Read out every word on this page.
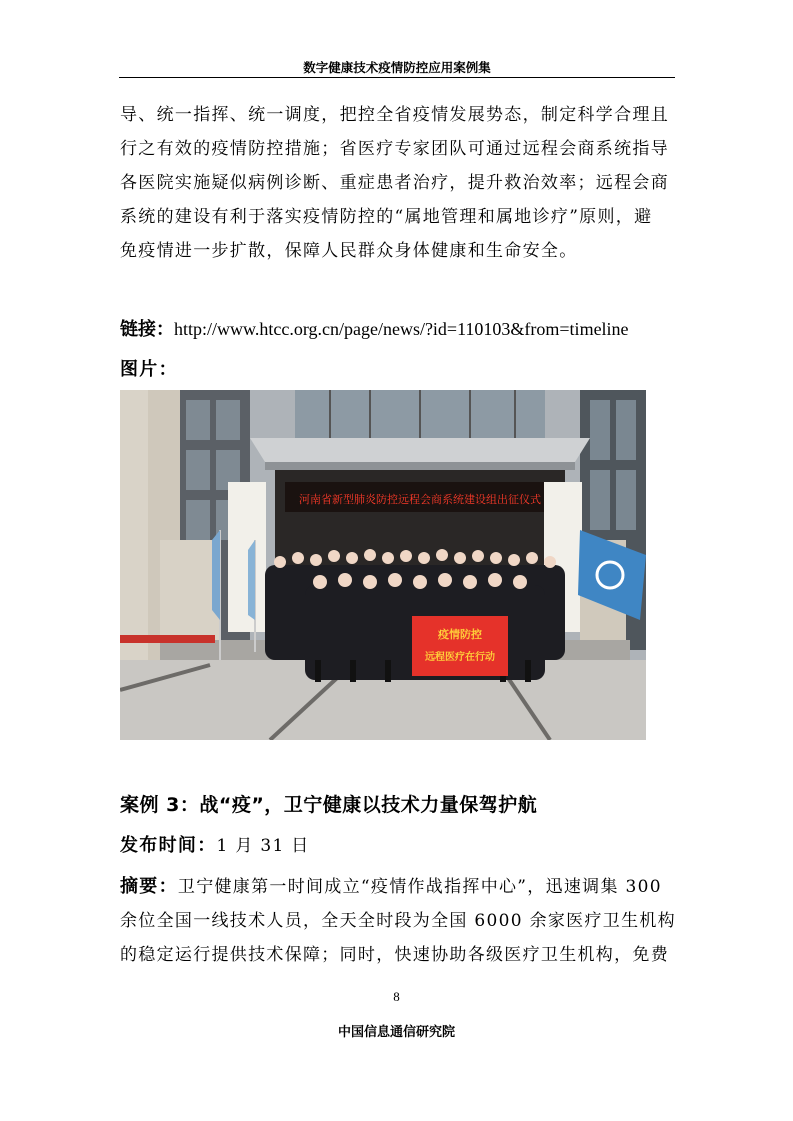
数字健康技术疫情防控应用案例集
导、统一指挥、统一调度，把控全省疫情发展势态，制定科学合理且
行之有效的疫情防控措施；省医疗专家团队可通过远程会商系统指导
各医院实施疑似病例诊断、重症患者治疗，提升救治效率；远程会商
系统的建设有利于落实疫情防控的“属地管理和属地诊疗”原则，避
免疫情进一步扩散，保障人民群众身体健康和生命安全。
链接：http://www.htcc.org.cn/page/news/?id=110103&from=timeline
图片：
河南省新型肺炎防控远程会商系统建设组出征仪式
疫情防控
远程医疗在行动
案例 3：战“疫”，卫宁健康以技术力量保驾护航
发布时间：1 月 31 日
摘要：卫宁健康第一时间成立“疫情作战指挥中心”，迅速调集 300
余位全国一线技术人员，全天全时段为全国 6000 余家医疗卫生机构
的稳定运行提供技术保障；同时，快速协助各级医疗卫生机构，免费
8
中国信息通信研究院
